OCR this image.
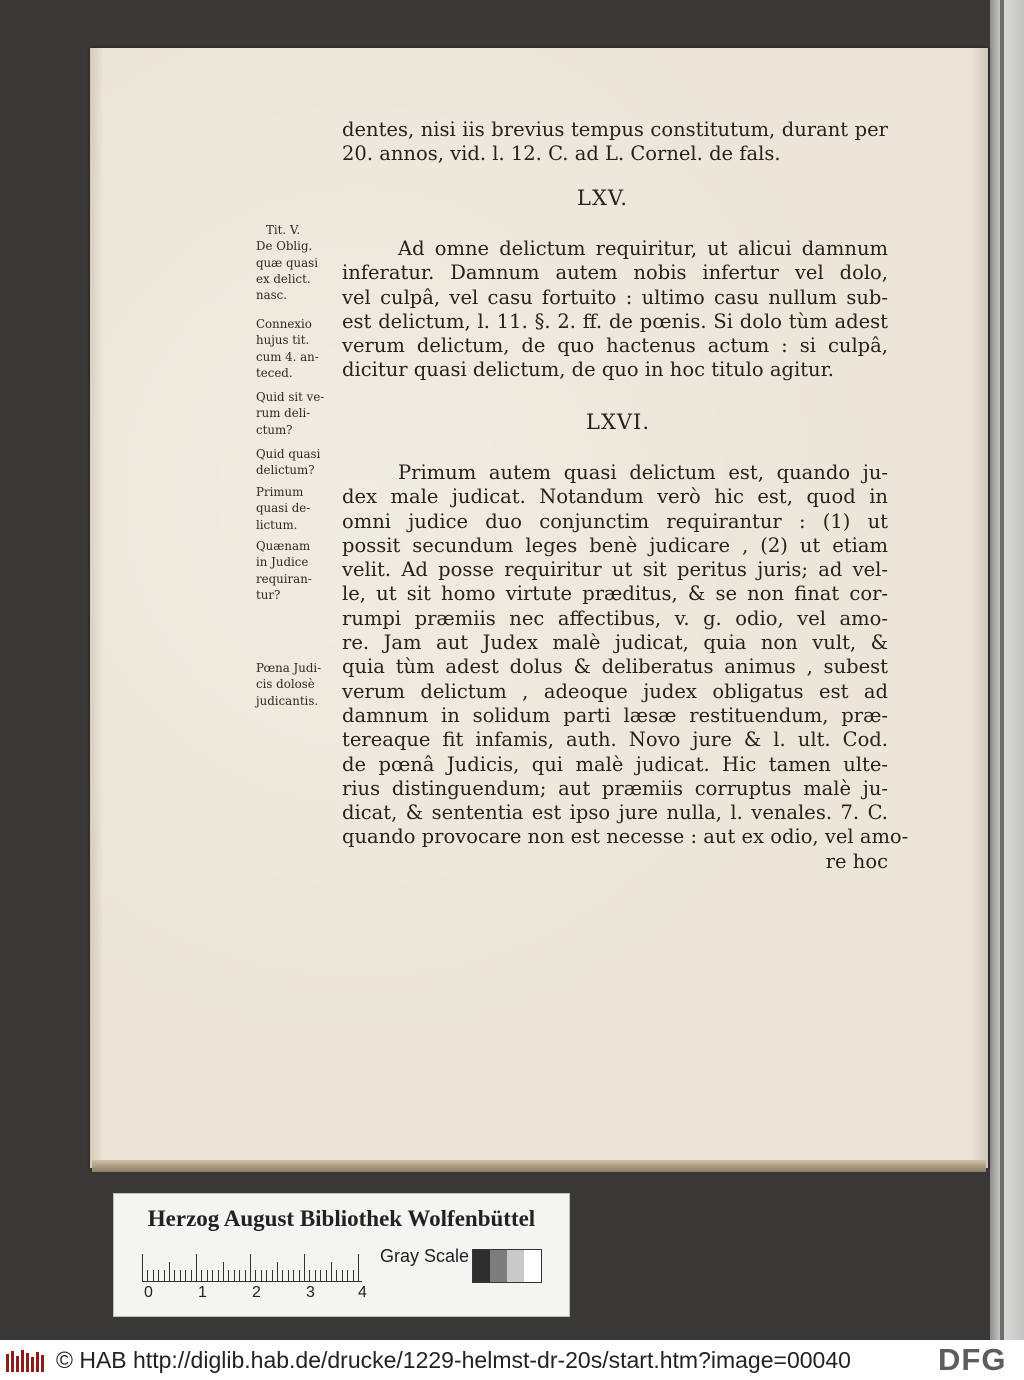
dentes, nisi iis brevius tempus constitutum, durant per
20. annos, vid. l. 12. C. ad L. Cornel. de fals.
LXV.
Ad omne delictum requiritur, ut alicui damnum
inferatur. Damnum autem nobis infertur vel dolo,
vel culpâ, vel casu fortuito : ultimo casu nullum sub-
est delictum, l. 11. §. 2. ff. de pœnis. Si dolo tùm adest
verum delictum, de quo hactenus actum : si culpâ,
dicitur quasi delictum, de quo in hoc titulo agitur.
LXVI.
Primum autem quasi delictum est, quando ju-
dex male judicat. Notandum verò hic est, quod in
omni judice duo conjunctim requirantur : (1) ut
possit secundum leges benè judicare , (2) ut etiam
velit. Ad posse requiritur ut sit peritus juris; ad vel-
le, ut sit homo virtute præditus, & se non finat cor-
rumpi præmiis nec affectibus, v. g. odio, vel amo-
re. Jam aut Judex malè judicat, quia non vult, &
quia tùm adest dolus & deliberatus animus , subest
verum delictum , adeoque judex obligatus est ad
damnum in solidum parti læsæ restituendum, præ-
tereaque fit infamis, auth. Novo jure & l. ult. Cod.
de pœnâ Judicis, qui malè judicat. Hic tamen ulte-
rius distinguendum; aut præmiis corruptus malè ju-
dicat, & sententia est ipso jure nulla, l. venales. 7. C.
quando provocare non est necesse : aut ex odio, vel amo-
re hoc
Tit. V.
De Oblig.
quæ quasi
ex delict.
nasc.
Connexio
hujus tit.
cum 4. an-
teced.
Quid sit ve-
rum deli-
ctum?
Quid quasi
delictum?
Primum
quasi de-
lictum.
Quænam
in Judice
requiran-
tur?
Pœna Judi-
cis dolosè
judicantis.
Herzog August Bibliothek Wolfenbüttel
0	1	2	3	4
Gray Scale
© HAB http://diglib.hab.de/drucke/1229-helmst-dr-20s/start.htm?image=00040	DFG
